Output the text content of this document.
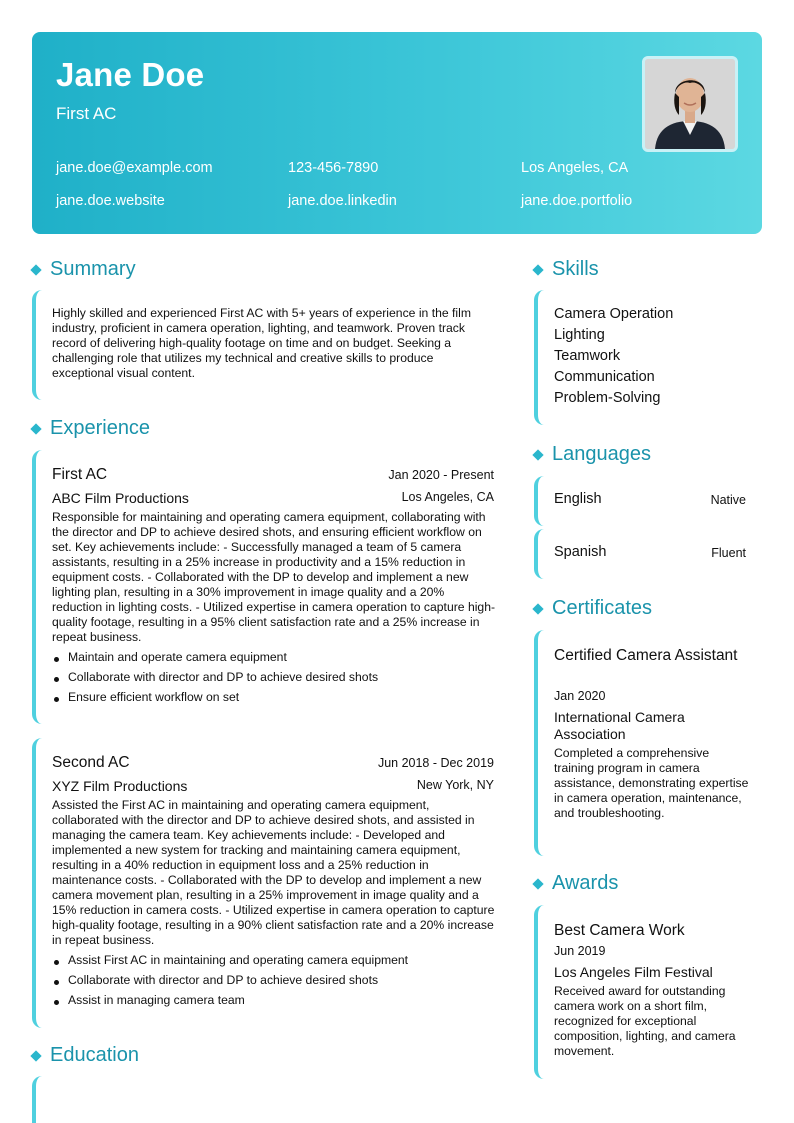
Jane Doe
First AC
jane.doe@example.com	123-456-7890	Los Angeles, CA
jane.doe.website	jane.doe.linkedin	jane.doe.portfolio
Summary
Highly skilled and experienced First AC with 5+ years of experience in the film industry, proficient in camera operation, lighting, and teamwork. Proven track record of delivering high-quality footage on time and on budget. Seeking a challenging role that utilizes my technical and creative skills to produce exceptional visual content.
Experience
First AC	Jan 2020 - Present
ABC Film Productions	Los Angeles, CA
Responsible for maintaining and operating camera equipment, collaborating with the director and DP to achieve desired shots, and ensuring efficient workflow on set. Key achievements include: - Successfully managed a team of 5 camera assistants, resulting in a 25% increase in productivity and a 15% reduction in equipment costs. - Collaborated with the DP to develop and implement a new lighting plan, resulting in a 30% improvement in image quality and a 20% reduction in lighting costs. - Utilized expertise in camera operation to capture high-quality footage, resulting in a 95% client satisfaction rate and a 25% increase in repeat business.
Maintain and operate camera equipment
Collaborate with director and DP to achieve desired shots
Ensure efficient workflow on set
Second AC	Jun 2018 - Dec 2019
XYZ Film Productions	New York, NY
Assisted the First AC in maintaining and operating camera equipment, collaborated with the director and DP to achieve desired shots, and assisted in managing the camera team. Key achievements include: - Developed and implemented a new system for tracking and maintaining camera equipment, resulting in a 40% reduction in equipment loss and a 25% reduction in maintenance costs. - Collaborated with the DP to develop and implement a new camera movement plan, resulting in a 25% improvement in image quality and a 15% reduction in camera costs. - Utilized expertise in camera operation to capture high-quality footage, resulting in a 90% client satisfaction rate and a 20% increase in repeat business.
Assist First AC in maintaining and operating camera equipment
Collaborate with director and DP to achieve desired shots
Assist in managing camera team
Education
Skills
Camera Operation
Lighting
Teamwork
Communication
Problem-Solving
Languages
English	Native
Spanish	Fluent
Certificates
Certified Camera Assistant
Jan 2020
International Camera Association
Completed a comprehensive training program in camera assistance, demonstrating expertise in camera operation, maintenance, and troubleshooting.
Awards
Best Camera Work
Jun 2019
Los Angeles Film Festival
Received award for outstanding camera work on a short film, recognized for exceptional composition, lighting, and camera movement.
